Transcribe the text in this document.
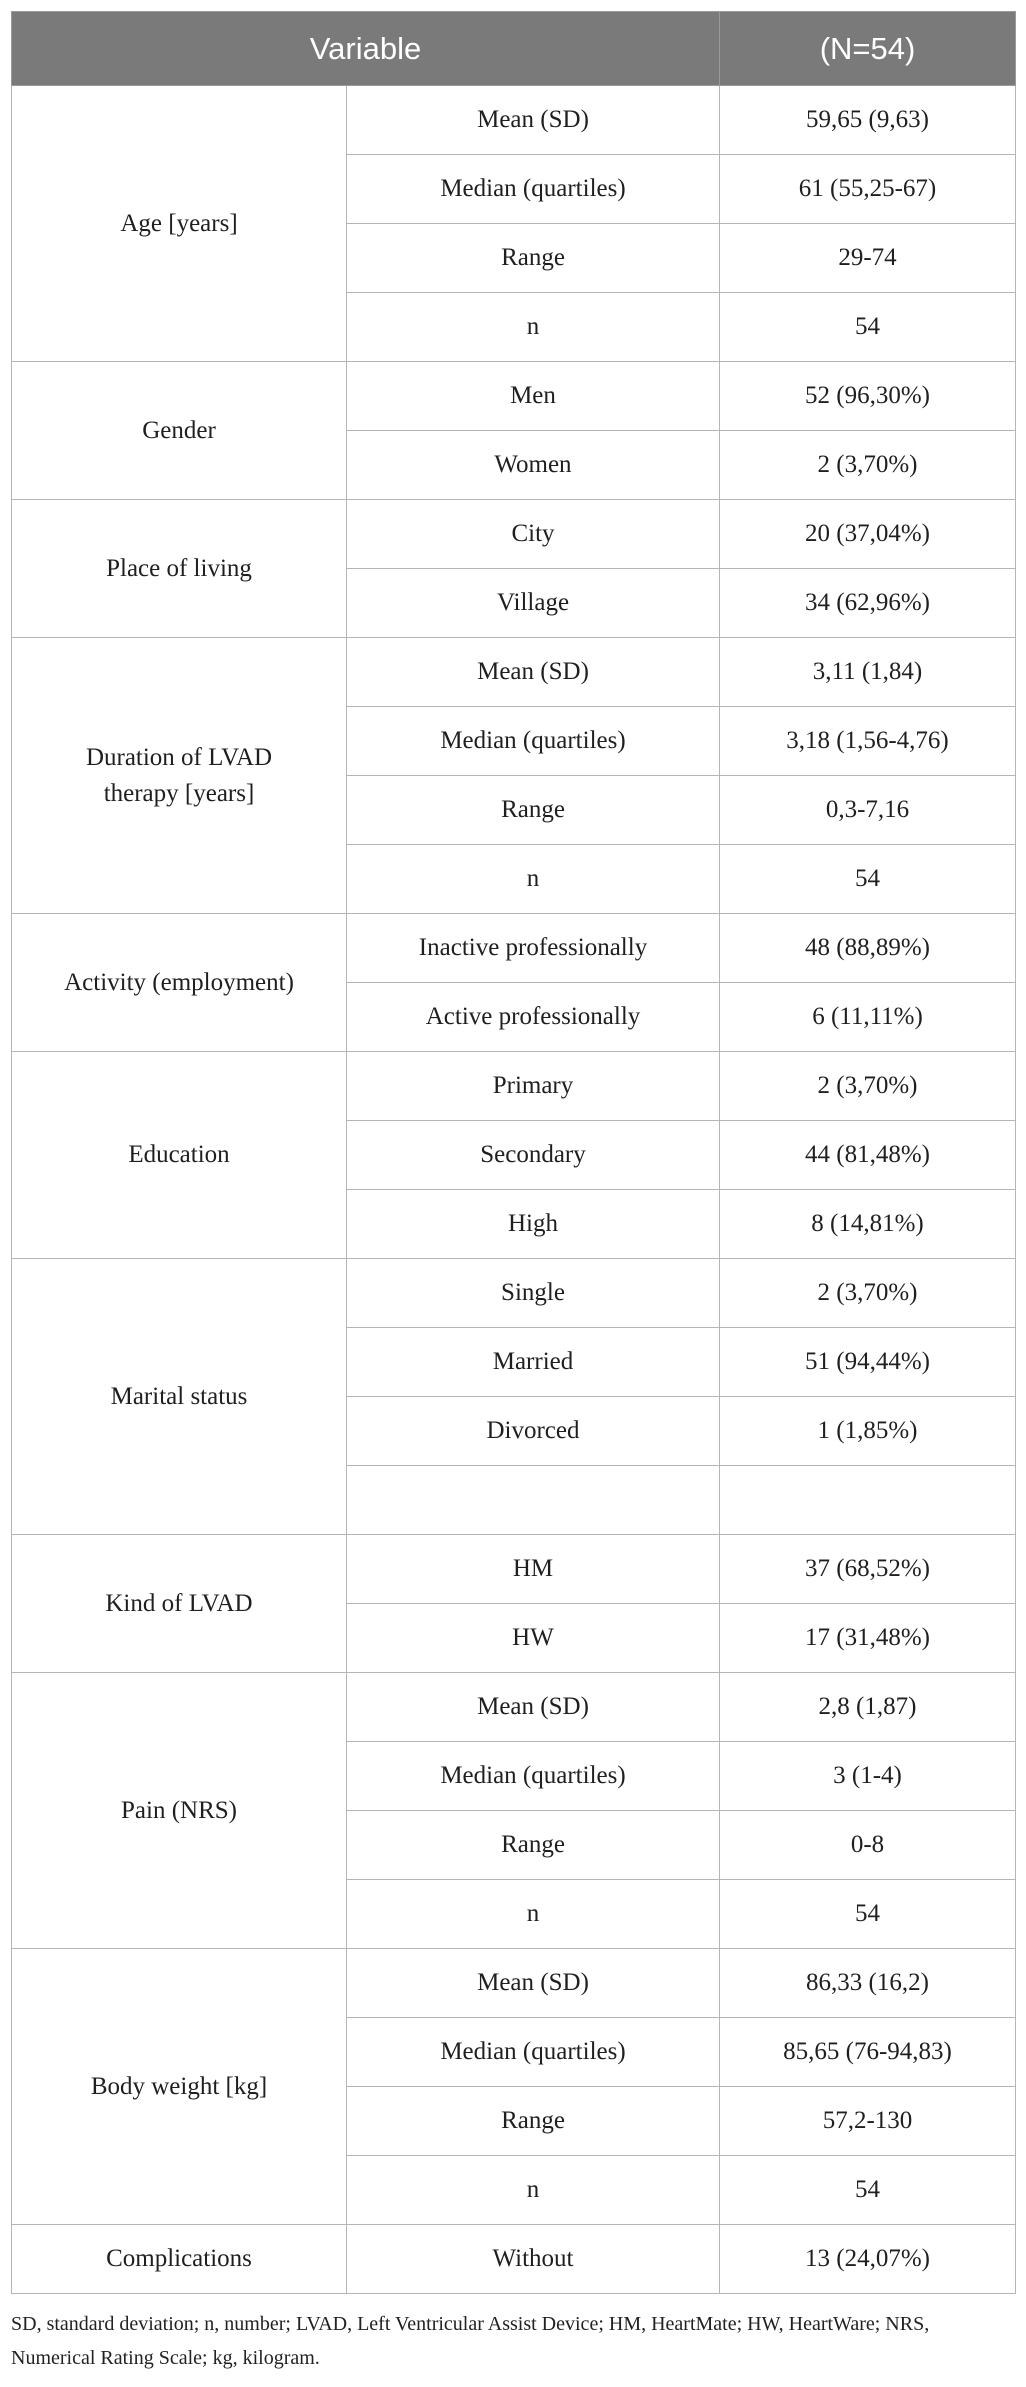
Variable		(N=54)
Age [years]	Mean (SD)	59,65 (9,63)
	Median (quartiles)	61 (55,25-67)
	Range	29-74
	n	54
Gender	Men	52 (96,30%)
	Women	2 (3,70%)
Place of living	City	20 (37,04%)
	Village	34 (62,96%)
Duration of LVAD therapy [years]	Mean (SD)	3,11 (1,84)
	Median (quartiles)	3,18 (1,56-4,76)
	Range	0,3-7,16
	n	54
Activity (employment)	Inactive professionally	48 (88,89%)
	Active professionally	6 (11,11%)
Education	Primary	2 (3,70%)
	Secondary	44 (81,48%)
	High	8 (14,81%)
Marital status	Single	2 (3,70%)
	Married	51 (94,44%)
	Divorced	1 (1,85%)

Kind of LVAD	HM	37 (68,52%)
	HW	17 (31,48%)
Pain (NRS)	Mean (SD)	2,8 (1,87)
	Median (quartiles)	3 (1-4)
	Range	0-8
	n	54
Body weight [kg]	Mean (SD)	86,33 (16,2)
	Median (quartiles)	85,65 (76-94,83)
	Range	57,2-130
	n	54
Complications	Without	13 (24,07%)
SD, standard deviation; n, number; LVAD, Left Ventricular Assist Device; HM, HeartMate; HW, HeartWare; NRS, Numerical Rating Scale; kg, kilogram.
